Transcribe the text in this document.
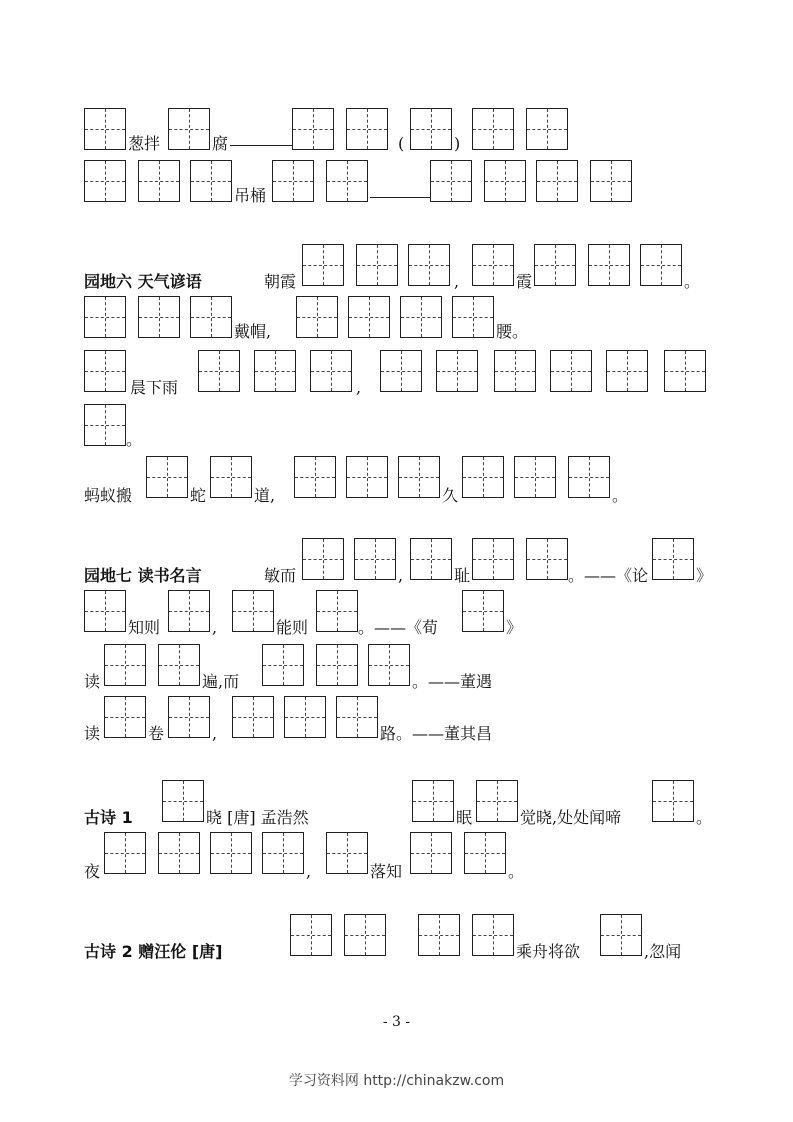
葱拌	腐	(	)
吊桶
园地六 天气谚语	朝霞	,	霞	。
戴帽,	腰。
晨下雨	,
。
蚂蚁搬	蛇	道,	久	。
园地七 读书名言	敏而	,	耻	。——《论	》
知则	,	能则	。——《荀	》
读	遍,而	。——董遇
读	卷	,	路。——董其昌
古诗 1	晓 [唐] 孟浩然	眠	觉晓,处处闻啼	。
夜	,	落知	。
古诗 2 赠汪伦 [唐]	乘舟将欲	,忽闻
- 3 -
学习资料网 http://chinakzw.com
